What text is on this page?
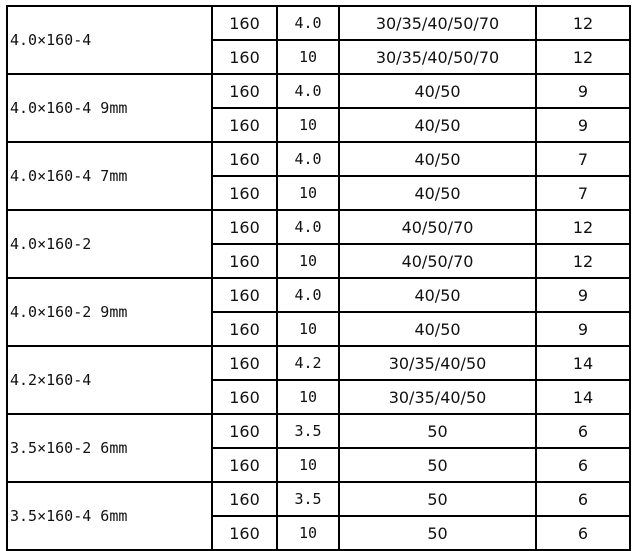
4.0×160-4	160	4.0	30/35/40/50/70	12
	160	10	30/35/40/50/70	12
4.0×160-4 9mm	160	4.0	40/50	9
	160	10	40/50	9
4.0×160-4 7mm	160	4.0	40/50	7
	160	10	40/50	7
4.0×160-2	160	4.0	40/50/70	12
	160	10	40/50/70	12
4.0×160-2 9mm	160	4.0	40/50	9
	160	10	40/50	9
4.2×160-4	160	4.2	30/35/40/50	14
	160	10	30/35/40/50	14
3.5×160-2 6mm	160	3.5	50	6
	160	10	50	6
3.5×160-4 6mm	160	3.5	50	6
	160	10	50	6
